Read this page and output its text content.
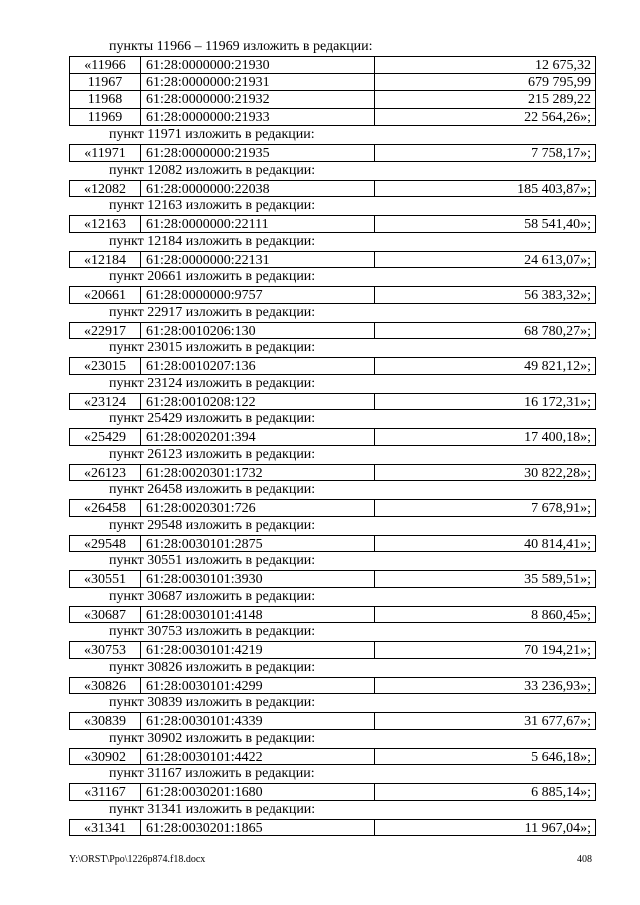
пункты 11966 – 11969 изложить в редакции:
«11966	61:28:0000000:21930	12 675,32
11967	61:28:0000000:21931	679 795,99
11968	61:28:0000000:21932	215 289,22
11969	61:28:0000000:21933	22 564,26»;
пункт 11971 изложить в редакции:
«11971	61:28:0000000:21935	7 758,17»;
пункт 12082 изложить в редакции:
«12082	61:28:0000000:22038	185 403,87»;
пункт 12163 изложить в редакции:
«12163	61:28:0000000:22111	58 541,40»;
пункт 12184 изложить в редакции:
«12184	61:28:0000000:22131	24 613,07»;
пункт 20661 изложить в редакции:
«20661	61:28:0000000:9757	56 383,32»;
пункт 22917 изложить в редакции:
«22917	61:28:0010206:130	68 780,27»;
пункт 23015 изложить в редакции:
«23015	61:28:0010207:136	49 821,12»;
пункт 23124 изложить в редакции:
«23124	61:28:0010208:122	16 172,31»;
пункт 25429 изложить в редакции:
«25429	61:28:0020201:394	17 400,18»;
пункт 26123 изложить в редакции:
«26123	61:28:0020301:1732	30 822,28»;
пункт 26458 изложить в редакции:
«26458	61:28:0020301:726	7 678,91»;
пункт 29548 изложить в редакции:
«29548	61:28:0030101:2875	40 814,41»;
пункт 30551 изложить в редакции:
«30551	61:28:0030101:3930	35 589,51»;
пункт 30687 изложить в редакции:
«30687	61:28:0030101:4148	8 860,45»;
пункт 30753 изложить в редакции:
«30753	61:28:0030101:4219	70 194,21»;
пункт 30826 изложить в редакции:
«30826	61:28:0030101:4299	33 236,93»;
пункт 30839 изложить в редакции:
«30839	61:28:0030101:4339	31 677,67»;
пункт 30902 изложить в редакции:
«30902	61:28:0030101:4422	5 646,18»;
пункт 31167 изложить в редакции:
«31167	61:28:0030201:1680	6 885,14»;
пункт 31341 изложить в редакции:
«31341	61:28:0030201:1865	11 967,04»;
Y:\ORST\Ppo\1226p874.f18.docx	408
